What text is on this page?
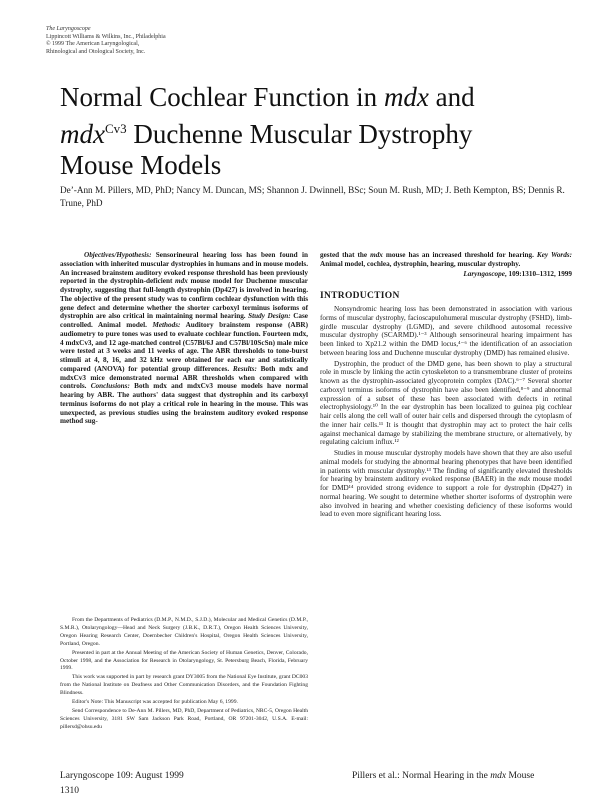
The Laryngoscope
Lippincott Williams & Wilkins, Inc., Philadelphia
© 1999 The American Laryngological,
Rhinological and Otological Society, Inc.
Normal Cochlear Function in mdx and
mdx$^{Cv3}$ Duchenne Muscular Dystrophy
Mouse Models
Deʼ-Ann M. Pillers, MD, PhD; Nancy M. Duncan, MS; Shannon J. Dwinnell, BSc; Soun M. Rush, MD; J. Beth Kempton, BS; Dennis R. Trune, PhD

Objectives/Hypothesis: Sensorineural hearing loss has been found in association with inherited muscular dystrophies in humans and in mouse models. An increased brainstem auditory evoked response threshold has been previously reported in the dystrophin-deficient mdx mouse model for Duchenne muscular dystrophy, suggesting that full-length dystrophin (Dp427) is involved in hearing. The objective of the present study was to confirm cochlear dysfunction with this gene defect and determine whether the shorter carboxyl terminus isoforms of dystrophin are also critical in maintaining normal hearing. Study Design: Case controlled. Animal model. Methods: Auditory brainstem response (ABR) audiometry to pure tones was used to evaluate cochlear function. Fourteen mdx, 4 mdxCv3, and 12 age-matched control (C57Bl/6J and C57Bl/10ScSn) male mice were tested at 3 weeks and 11 weeks of age. The ABR thresholds to tone-burst stimuli at 4, 8, 16, and 32 kHz were obtained for each ear and statistically compared (ANOVA) for potential group differences. Results: Both mdx and mdxCv3 mice demonstrated normal ABR thresholds when compared with controls. Conclusions: Both mdx and mdxCv3 mouse models have normal hearing by ABR. The authors' data suggest that dystrophin and its carboxyl terminus isoforms do not play a critical role in hearing in the mouse. This was unexpected, as previous studies using the brainstem auditory evoked response method sug-

gested that the mdx mouse has an increased threshold for hearing. Key Words: Animal model, cochlea, dystrophin, hearing, muscular dystrophy.

Laryngoscope, 109:1310–1312, 1999
INTRODUCTION

Nonsyndromic hearing loss has been demonstrated in association with various forms of muscular dystrophy, facioscapulohumeral muscular dystrophy (FSHD), limb-girdle muscular dystrophy (LGMD), and severe childhood autosomal recessive muscular dystrophy (SCARMD).¹⁻³ Although sensorineural hearing impairment has been linked to Xp21.2 within the DMD locus,⁴⁻⁶ the identification of an association between hearing loss and Duchenne muscular dystrophy (DMD) has remained elusive.

Dystrophin, the product of the DMD gene, has been shown to play a structural role in muscle by linking the actin cytoskeleton to a transmembrane cluster of proteins known as the dystrophin-associated glycoprotein complex (DAC).⁶⁻⁷ Several shorter carboxyl terminus isoforms of dystrophin have also been identified,⁸⁻⁹ and abnormal expression of a subset of these has been associated with defects in retinal electrophysiology.¹⁰ In the ear dystrophin has been localized to guinea pig cochlear hair cells along the cell wall of outer hair cells and dispersed through the cytoplasm of the inner hair cells.¹¹ It is thought that dystrophin may act to protect the hair cells against mechanical damage by stabilizing the membrane structure, or alternatively, by regulating calcium influx.¹²

Studies in mouse muscular dystrophy models have shown that they are also useful animal models for studying the abnormal hearing phenotypes that have been identified in patients with muscular dystrophy.¹³ The finding of significantly elevated thresholds for hearing by brainstem auditory evoked response (BAER) in the mdx mouse model for DMD¹⁴ provided strong evidence to support a role for dystrophin (Dp427) in normal hearing. We sought to determine whether shorter isoforms of dystrophin were also involved in hearing and whether coexisting deficiency of these isoforms would lead to even more significant hearing loss.

From the Departments of Pediatrics (D.M.P., N.M.D., S.J.D.), Molecular and Medical Genetics (D.M.P., S.M.R.), Otolaryngology—Head and Neck Surgery (J.B.K., D.R.T.), Oregon Health Sciences University, Oregon Hearing Research Center, Doernbecher Children's Hospital, Oregon Health Sciences University, Portland, Oregon.

Presented in part at the Annual Meeting of the American Society of Human Genetics, Denver, Colorado, October 1998, and the Association for Research in Otolaryngology, St. Petersburg Beach, Florida, February 1999.

This work was supported in part by research grant DY3005 from the National Eye Institute, grant DC003 from the National Institute on Deafness and Other Communication Disorders, and the Foundation Fighting Blindness.

Editor's Note: This Manuscript was accepted for publication May 6, 1999.

Send Correspondence to De-Ann M. Pillers, MD, PhD, Department of Pediatrics, NRC-5, Oregon Health Sciences University, 3181 SW Sam Jackson Park Road, Portland, OR 97201-3042, U.S.A. E-mail: pillersd@ohsu.edu

Laryngoscope 109: August 1999
1310
Pillers et al.: Normal Hearing in the mdx Mouse
